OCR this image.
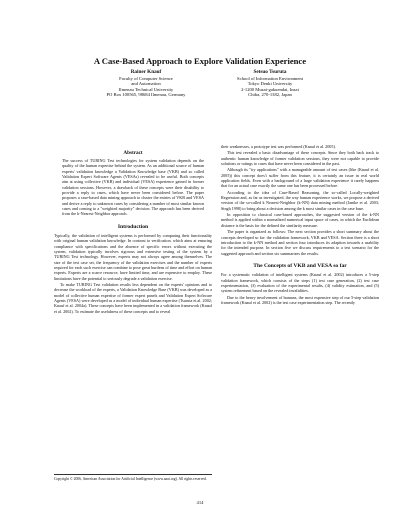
A Case-Based Approach to Explore Validation Experience
Rainer Knauf
Faculty of Computer Science
and Automation
Ilmenau Technical University
PO Box 100565, 98684 Ilmenau, Germany
Setsuo Tsuruta
School of Information Environment
Tokyo Denki University
2-1200 Muzai-gakuendai, Inzai
Chiba, 270-1382, Japan
Abstract

The success of TURING Test technologies for system validation depends on the quality of the human expertise behind the system. As an additional source of human experts' validation knowledge a Validation Knowledge base (VKB) and so called Validation Expert Software Agents (VESAs) revealed to be useful. Both concepts aim at using collective (VKB) and individual (VESA) experience gained in former validation sessions. However, a drawback of these concepts were their disability to provide a reply to cases, which have never been considered before. The paper proposes a case-based data mining approach to cluster the entries of VKB and VESA and derive a reply to unknown cases by considering a number of most similar known cases and coming to a "weighted majority" decision. The approach has been derived from the k-Nearest-Neighbor approach.

Introduction

Typically, the validation of intelligent systems is performed by comparing their functionality with original human validation knowledge. In contrast to verification, which aims at ensuring compliance with specifications and the absence of specific errors without executing the system, validation typically involves rigorous and extensive testing of the system by a TURING Test technology. However, experts may not always agree among themselves. The size of the test case set, the frequency of the validation exercises and the number of experts required for each such exercise can combine to pose great burdens of time and effort on human experts. Experts are a scarce resource, have limited time, and are expensive to employ. These limitations have the potential to seriously degrade a validation exercise.

To make TURING Test validation results less dependent on the experts' opinions and to decrease the workload of the experts, a Validation Knowledge Base (VKB) was developed as a model of collective human expertise of former expert panels and Validation Expert Software Agents (VESA) were developed as a model of individual human expertise (Tsuruta et.al. 2002; Knauf et al. 2004a). These concepts have been implemented in a validation framework (Knauf et al. 2002). To estimate the usefulness of these concepts and to reveal

their weaknesses, a prototype test was performed (Knauf et al. 2005).

This test revealed a basic disadvantage of these concepts. Since they both back track to authentic human knowledge of former validation sessions, they were not capable to provide solutions or ratings to cases that have never been considered in the past.

Although its "try applications" with a manageable amount of test cases (like (Knauf et al. 2005)) this concept does't suffer from this feature, it is certainly an issue in real world application fields. Even with a background of a large validation experience it rarely happens that for an actual case exactly the same one has been processed before.

According to the idea of Case-Based Reasoning, the so-called Locally-weighted Regression and, as far as investigated, the way human experience works, we propose a derived version of the so-called k Nearest-Neighbor (k-NN) data mining method (Jantke et al. 2003; Singh 1998) to bring about a decision among the k most similar cases in the case base.

In opposition to classical case-based approaches, the suggested version of the k-NN method is applied within a normalized numerical input space of cases, in which the Euclidean distance is the basis for the defined the similarity measure.

The paper is organized as follows: The next section provides a short summary about the concepts developed so far: the validation framework, VKB and VESA. Section three is a short introduction to the k-NN method and section four introduces its adaption towards a usability for the intended purpose. In section five we discuss requirements to a test scenario for the suggested approach and section six summarizes the results.

The Concepts of VKB and VESA so far

For a systematic validation of intelligent systems (Knauf et al. 2002) introduces a 5-step validation framework, which consists of the steps (1) test case generation, (2) test case experimentation, (3) evaluation of the experimental results, (4) validity estimation, and (5) system refinement based on the revealed invalidities.

Due to the heavy involvement of humans, the most expensive step of our 5-step validation framework (Knauf et al. 2002) is the test case experimentation step. The recently

Copyright © 2006, American Association for Artificial Intelligence (www.aaai.org). All rights reserved.
414
